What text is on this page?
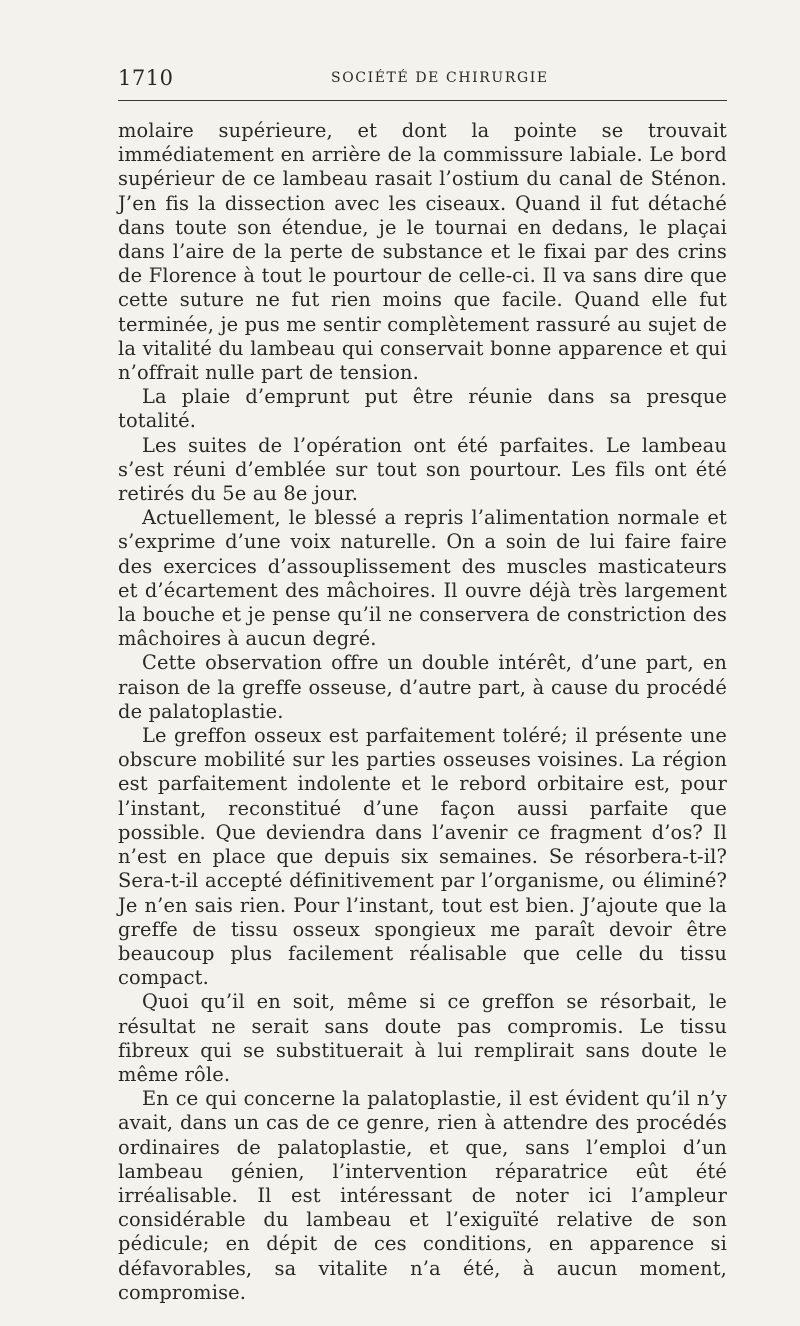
1710	SOCIÉTÉ DE CHIRURGIE

molaire supérieure, et dont la pointe se trouvait immédiatement en arrière de la commissure labiale. Le bord supérieur de ce lambeau rasait l’ostium du canal de Sténon. J’en fis la dissection avec les ciseaux. Quand il fut détaché dans toute son étendue, je le tournai en dedans, le plaçai dans l’aire de la perte de substance et le fixai par des crins de Florence à tout le pourtour de celle-ci. Il va sans dire que cette suture ne fut rien moins que facile. Quand elle fut terminée, je pus me sentir complètement rassuré au sujet de la vitalité du lambeau qui conservait bonne apparence et qui n’offrait nulle part de tension.

La plaie d’emprunt put être réunie dans sa presque totalité.

Les suites de l’opération ont été parfaites. Le lambeau s’est réuni d’emblée sur tout son pourtour. Les fils ont été retirés du 5e au 8e jour.

Actuellement, le blessé a repris l’alimentation normale et s’exprime d’une voix naturelle. On a soin de lui faire faire des exercices d’assouplissement des muscles masticateurs et d’écartement des mâchoires. Il ouvre déjà très largement la bouche et je pense qu’il ne conservera de constriction des mâchoires à aucun degré.

Cette observation offre un double intérêt, d’une part, en raison de la greffe osseuse, d’autre part, à cause du procédé de palatoplastie.

Le greffon osseux est parfaitement toléré; il présente une obscure mobilité sur les parties osseuses voisines. La région est parfaitement indolente et le rebord orbitaire est, pour l’instant, reconstitué d’une façon aussi parfaite que possible. Que deviendra dans l’avenir ce fragment d’os? Il n’est en place que depuis six semaines. Se résorbera-t-il? Sera-t-il accepté définitivement par l’organisme, ou éliminé? Je n’en sais rien. Pour l’instant, tout est bien. J’ajoute que la greffe de tissu osseux spongieux me paraît devoir être beaucoup plus facilement réalisable que celle du tissu compact.

Quoi qu’il en soit, même si ce greffon se résorbait, le résultat ne serait sans doute pas compromis. Le tissu fibreux qui se substituerait à lui remplirait sans doute le même rôle.

En ce qui concerne la palatoplastie, il est évident qu’il n’y avait, dans un cas de ce genre, rien à attendre des procédés ordinaires de palatoplastie, et que, sans l’emploi d’un lambeau génien, l’intervention réparatrice eût été irréalisable. Il est intéressant de noter ici l’ampleur considérable du lambeau et l’exiguïté relative de son pédicule; en dépit de ces conditions, en apparence si défavorables, sa vitalite n’a été, à aucun moment, compromise.
